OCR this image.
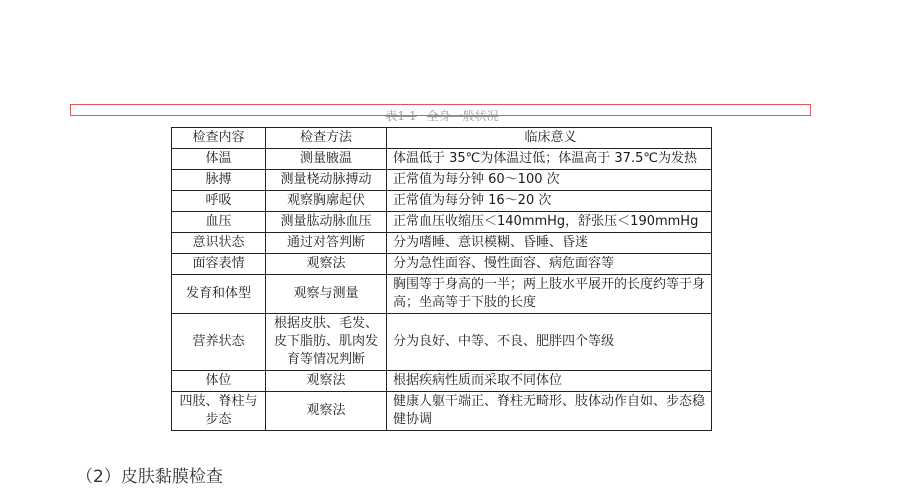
表1-1 全身一般状况
检查内容	检查方法	临床意义
体温	测量腋温	体温低于 35℃为体温过低；体温高于 37.5℃为发热
脉搏	测量桡动脉搏动	正常值为每分钟 60～100 次
呼吸	观察胸廓起伏	正常值为每分钟 16～20 次
血压	测量肱动脉血压	正常血压收缩压＜140mmHg，舒张压＜190mmHg
意识状态	通过对答判断	分为嗜睡、意识模糊、昏睡、昏迷
面容表情	观察法	分为急性面容、慢性面容、病危面容等
发育和体型	观察与测量	胸围等于身高的一半；两上肢水平展开的长度约等于身高；坐高等于下肢的长度
营养状态	根据皮肤、毛发、皮下脂肪、肌肉发育等情况判断	分为良好、中等、不良、肥胖四个等级
体位	观察法	根据疾病性质而采取不同体位
四肢、脊柱与步态	观察法	健康人躯干端正、脊柱无畸形、肢体动作自如、步态稳健协调
（2）皮肤黏膜检查
